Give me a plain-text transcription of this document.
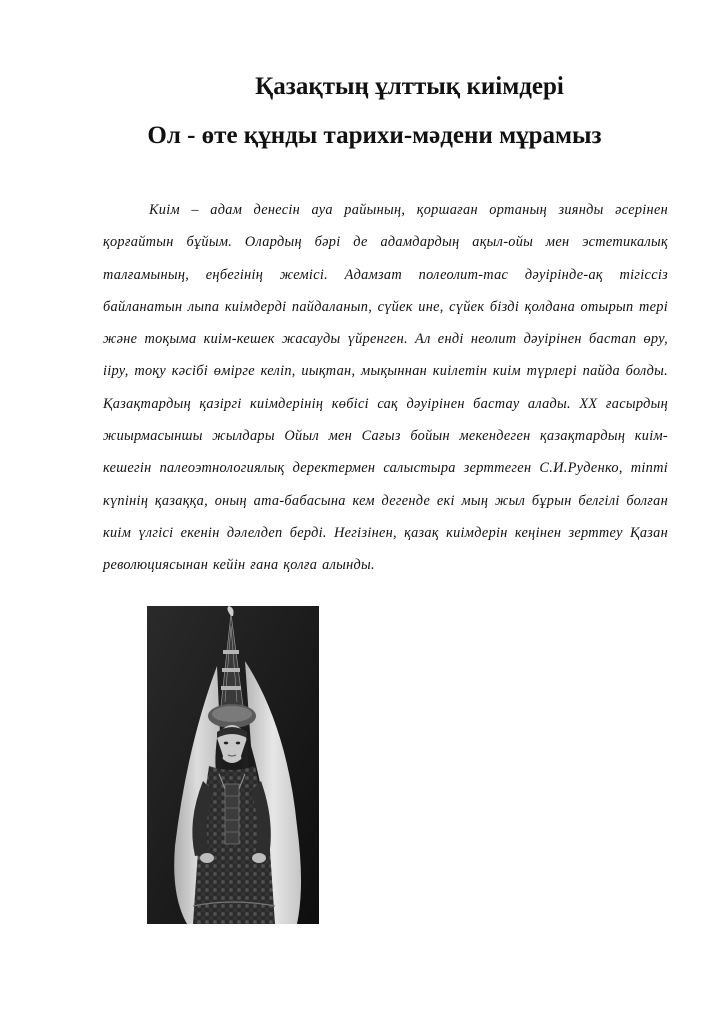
Қазақтың ұлттық киімдері
Ол - өте құнды тарихи-мәдени мұрамыз

Киім – адам денесін ауа райының, қоршаған ортаның зиянды әсерінен қорғайтын бұйым. Олардың бәрі де адамдардың ақыл-ойы мен эстетикалық талғамының, еңбегінің жемісі. Адамзат полеолит-тас дәуірінде-ақ тігіссіз байланатын лыпа киімдерді пайдаланып, сүйек ине, сүйек бізді қолдана отырып тері және тоқыма киім-кешек жасауды үйренген. Ал енді неолит дәуірінен бастап өру, ііру, тоқу кәсібі өмірге келіп, иықтан, мықыннан киілетін киім түрлері пайда болды. Қазақтардың қазіргі киімдерінің көбісі сақ дәуірінен бастау алады. XX ғасырдың жиырмасыншы жылдары Ойыл мен Сағыз бойын мекендеген қазақтардың киім-кешегін палеоэтнологиялық деректермен салыстыра зерттеген С.И.Руденко, тіпті күпінің қазаққа, оның ата-бабасына кем дегенде екі мың жыл бұрын белгілі болған киім үлгісі екенін дәлелдеп берді. Негізінен, қазақ киімдерін кеңінен зерттеу Қазан революциясынан кейін ғана қолға алынды.
